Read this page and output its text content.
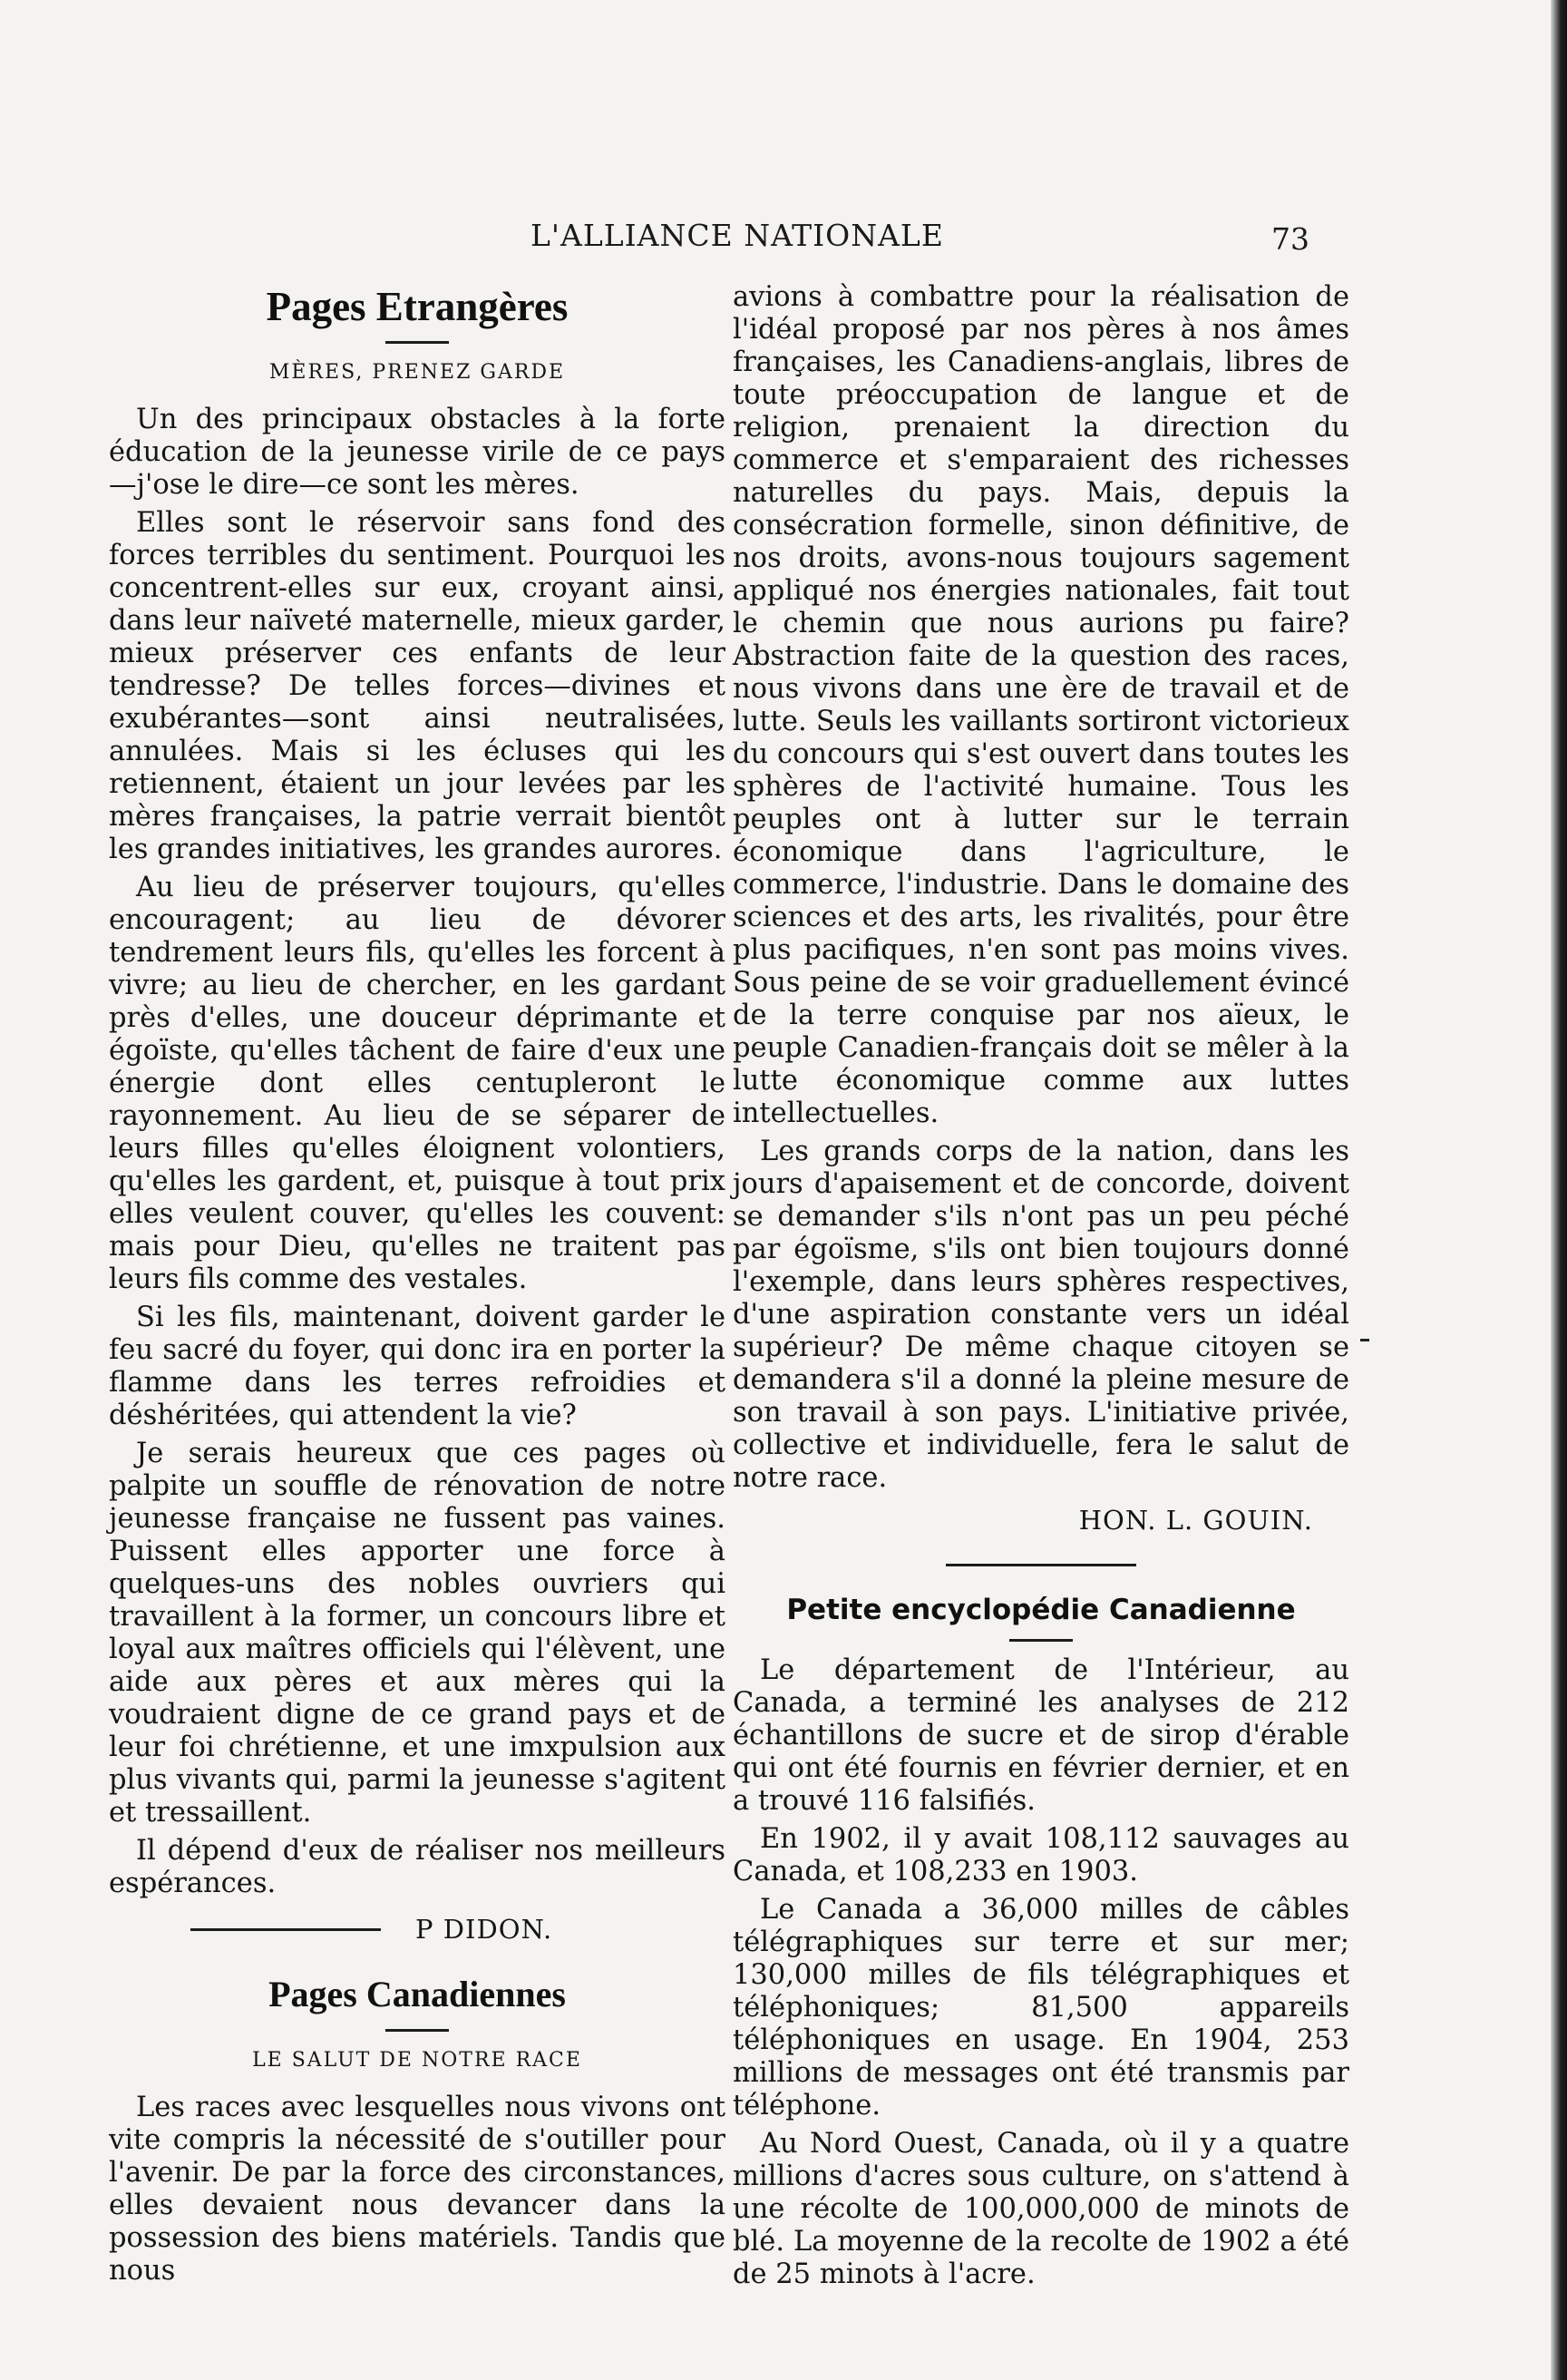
L'ALLIANCE NATIONALE	73
Pages Etrangères
MÈRES, PRENEZ GARDE

Un des principaux obstacles à la forte éducation de la jeunesse virile de ce pays —j'ose le dire—ce sont les mères.

Elles sont le réservoir sans fond des forces terribles du sentiment. Pourquoi les concentrent-elles sur eux, croyant ainsi, dans leur naïveté maternelle, mieux garder, mieux préserver ces enfants de leur tendresse? De telles forces—divines et exubérantes—sont ainsi neutralisées, annulées. Mais si les écluses qui les retiennent, étaient un jour levées par les mères françaises, la patrie verrait bientôt les grandes initiatives, les grandes aurores.

Au lieu de préserver toujours, qu'elles encouragent; au lieu de dévorer tendrement leurs fils, qu'elles les forcent à vivre; au lieu de chercher, en les gardant près d'elles, une douceur déprimante et égoïste, qu'elles tâchent de faire d'eux une énergie dont elles centupleront le rayonnement. Au lieu de se séparer de leurs filles qu'elles éloignent volontiers, qu'elles les gardent, et, puisque à tout prix elles veulent couver, qu'elles les couvent: mais pour Dieu, qu'elles ne traitent pas leurs fils comme des vestales.

Si les fils, maintenant, doivent garder le feu sacré du foyer, qui donc ira en porter la flamme dans les terres refroidies et déshéritées, qui attendent la vie?

Je serais heureux que ces pages où palpite un souffle de rénovation de notre jeunesse française ne fussent pas vaines. Puissent elles apporter une force à quelques-uns des nobles ouvriers qui travaillent à la former, un concours libre et loyal aux maîtres officiels qui l'élèvent, une aide aux pères et aux mères qui la voudraient digne de ce grand pays et de leur foi chrétienne, et une imxpulsion aux plus vivants qui, parmi la jeunesse s'agitent et tressaillent.

Il dépend d'eux de réaliser nos meilleurs espérances.

P DIDON.
Pages Canadiennes
LE SALUT DE NOTRE RACE

Les races avec lesquelles nous vivons ont vite compris la nécessité de s'outiller pour l'avenir. De par la force des circonstances, elles devaient nous devancer dans la possession des biens matériels. Tandis que nous

avions à combattre pour la réalisation de l'idéal proposé par nos pères à nos âmes françaises, les Canadiens-anglais, libres de toute préoccupation de langue et de religion, prenaient la direction du commerce et s'emparaient des richesses naturelles du pays. Mais, depuis la consécration formelle, sinon définitive, de nos droits, avons-nous toujours sagement appliqué nos énergies nationales, fait tout le chemin que nous aurions pu faire? Abstraction faite de la question des races, nous vivons dans une ère de travail et de lutte. Seuls les vaillants sortiront victorieux du concours qui s'est ouvert dans toutes les sphères de l'activité humaine. Tous les peuples ont à lutter sur le terrain économique dans l'agriculture, le commerce, l'industrie. Dans le domaine des sciences et des arts, les rivalités, pour être plus pacifiques, n'en sont pas moins vives. Sous peine de se voir graduellement évincé de la terre conquise par nos aïeux, le peuple Canadien-français doit se mêler à la lutte économique comme aux luttes intellectuelles.

Les grands corps de la nation, dans les jours d'apaisement et de concorde, doivent se demander s'ils n'ont pas un peu péché par égoïsme, s'ils ont bien toujours donné l'exemple, dans leurs sphères respectives, d'une aspiration constante vers un idéal supérieur? De même chaque citoyen se demandera s'il a donné la pleine mesure de son travail à son pays. L'initiative privée, collective et individuelle, fera le salut de notre race.

HON. L. GOUIN.
Petite encyclopédie Canadienne

Le département de l'Intérieur, au Canada, a terminé les analyses de 212 échantillons de sucre et de sirop d'érable qui ont été fournis en février dernier, et en a trouvé 116 falsifiés.

En 1902, il y avait 108,112 sauvages au Canada, et 108,233 en 1903.

Le Canada a 36,000 milles de câbles télégraphiques sur terre et sur mer; 130,000 milles de fils télégraphiques et téléphoniques; 81,500 appareils téléphoniques en usage. En 1904, 253 millions de messages ont été transmis par téléphone.

Au Nord Ouest, Canada, où il y a quatre millions d'acres sous culture, on s'attend à une récolte de 100,000,000 de minots de blé. La moyenne de la recolte de 1902 a été de 25 minots à l'acre.
